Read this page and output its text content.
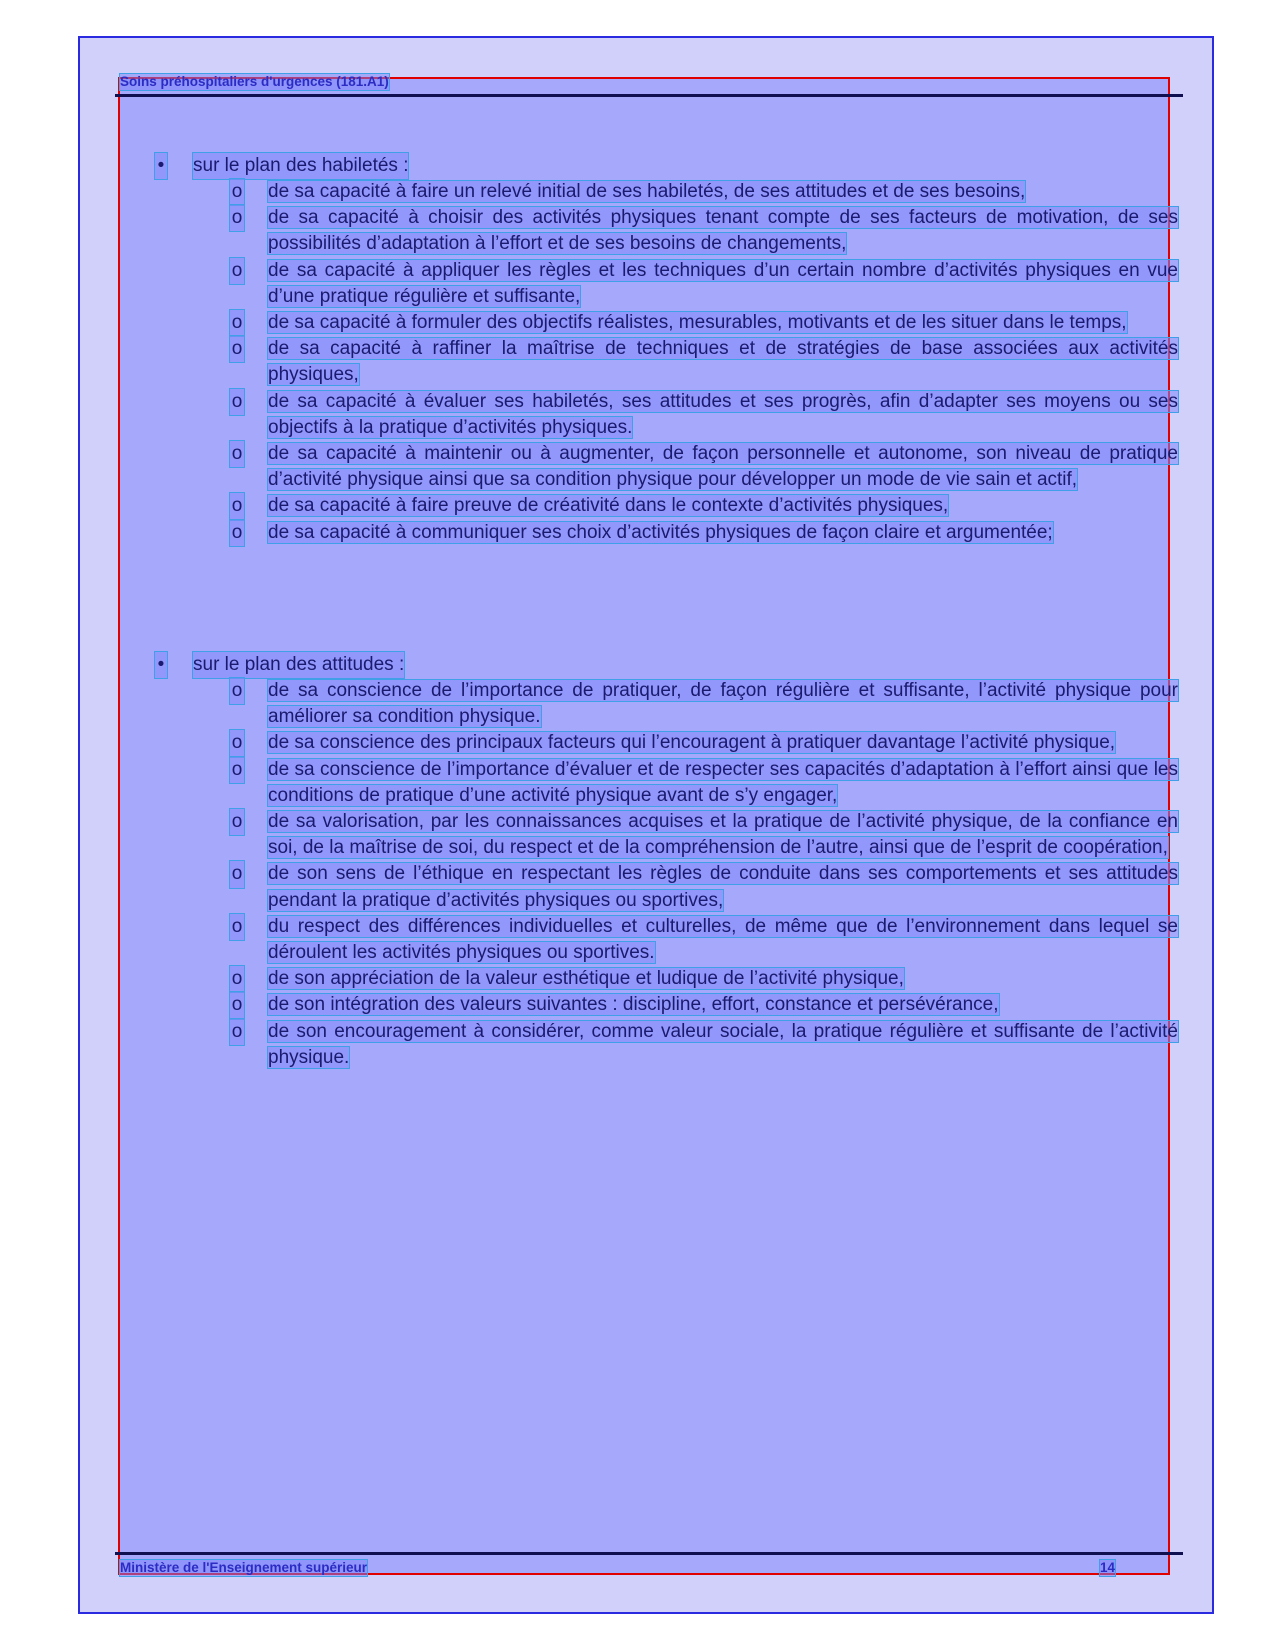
Soins préhospitaliers d'urgences (181.A1)
• sur le plan des habiletés :
o de sa capacité à faire un relevé initial de ses habiletés, de ses attitudes et de ses besoins,
o de sa capacité à choisir des activités physiques tenant compte de ses facteurs de motivation, de ses possibilités d’adaptation à l’effort et de ses besoins de changements,
o de sa capacité à appliquer les règles et les techniques d’un certain nombre d’activités physiques en vue d’une pratique régulière et suffisante,
o de sa capacité à formuler des objectifs réalistes, mesurables, motivants et de les situer dans le temps,
o de sa capacité à raffiner la maîtrise de techniques et de stratégies de base associées aux activités physiques,
o de sa capacité à évaluer ses habiletés, ses attitudes et ses progrès, afin d’adapter ses moyens ou ses objectifs à la pratique d’activités physiques.
o de sa capacité à maintenir ou à augmenter, de façon personnelle et autonome, son niveau de pratique d’activité physique ainsi que sa condition physique pour développer un mode de vie sain et actif,
o de sa capacité à faire preuve de créativité dans le contexte d’activités physiques,
o de sa capacité à communiquer ses choix d’activités physiques de façon claire et argumentée;
• sur le plan des attitudes :
o de sa conscience de l’importance de pratiquer, de façon régulière et suffisante, l’activité physique pour améliorer sa condition physique.
o de sa conscience des principaux facteurs qui l’encouragent à pratiquer davantage l’activité physique,
o de sa conscience de l’importance d’évaluer et de respecter ses capacités d’adaptation à l’effort ainsi que les conditions de pratique d’une activité physique avant de s’y engager,
o de sa valorisation, par les connaissances acquises et la pratique de l’activité physique, de la confiance en soi, de la maîtrise de soi, du respect et de la compréhension de l’autre, ainsi que de l’esprit de coopération,
o de son sens de l’éthique en respectant les règles de conduite dans ses comportements et ses attitudes pendant la pratique d’activités physiques ou sportives,
o du respect des différences individuelles et culturelles, de même que de l’environnement dans lequel se déroulent les activités physiques ou sportives.
o de son appréciation de la valeur esthétique et ludique de l’activité physique,
o de son intégration des valeurs suivantes : discipline, effort, constance et persévérance,
o de son encouragement à considérer, comme valeur sociale, la pratique régulière et suffisante de l’activité physique.
Ministère de l'Enseignement supérieur	14
